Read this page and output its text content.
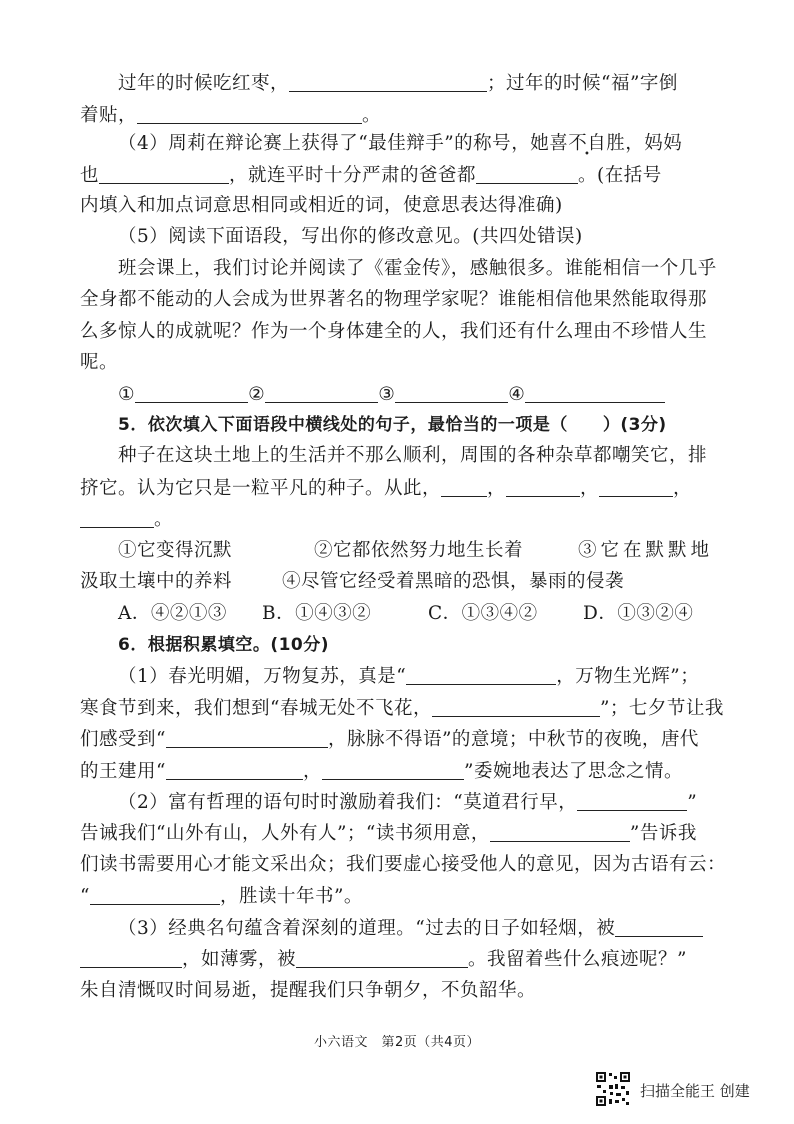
过年的时候吃红枣，	；过年的时候“福”字倒
着贴，	。
（4）周莉在辩论赛上获得了“最佳辩手”的称号，她喜不自胜，妈妈
也	，就连平时十分严肃的爸爸都	。(在括号
内填入和加点词意思相同或相近的词，使意思表达得准确)
（5）阅读下面语段，写出你的修改意见。(共四处错误)
班会课上，我们讨论并阅读了《霍金传》，感触很多。谁能相信一个几乎
全身都不能动的人会成为世界著名的物理学家呢？谁能相信他果然能取得那
么多惊人的成就呢？作为一个身体建全的人，我们还有什么理由不珍惜人生
呢。
①	②	③	④
5．依次填入下面语段中横线处的句子，最恰当的一项是（　　）(3分)
种子在这块土地上的生活并不那么顺利，周围的各种杂草都嘲笑它，排
挤它。认为它只是一粒平凡的种子。从此， ，	，	，
。
①它变得沉默	②它都依然努力地生长着	③它在默默地
汲取土壤中的养料	④尽管它经受着黑暗的恐惧，暴雨的侵袭
A．④②①③ B．①④③②	C．①③④② D．①③②④
6．根据积累填空。(10分)
（1）春光明媚，万物复苏，真是“	，万物生光辉”；
寒食节到来，我们想到“春城无处不飞花，	”；七夕节让我
们感受到“	，脉脉不得语”的意境；中秋节的夜晚，唐代
的王建用“	，	”委婉地表达了思念之情。
（2）富有哲理的语句时时激励着我们：“莫道君行早，	”
告诫我们“山外有山，人外有人”；“读书须用意，	”告诉我
们读书需要用心才能文采出众；我们要虚心接受他人的意见，因为古语有云：
“	，胜读十年书”。
（3）经典名句蕴含着深刻的道理。“过去的日子如轻烟，被
，如薄雾，被	。我留着些什么痕迹呢？”
朱自清慨叹时间易逝，提醒我们只争朝夕，不负韶华。
小六语文　第2页（共4页）
扫描全能王 创建
